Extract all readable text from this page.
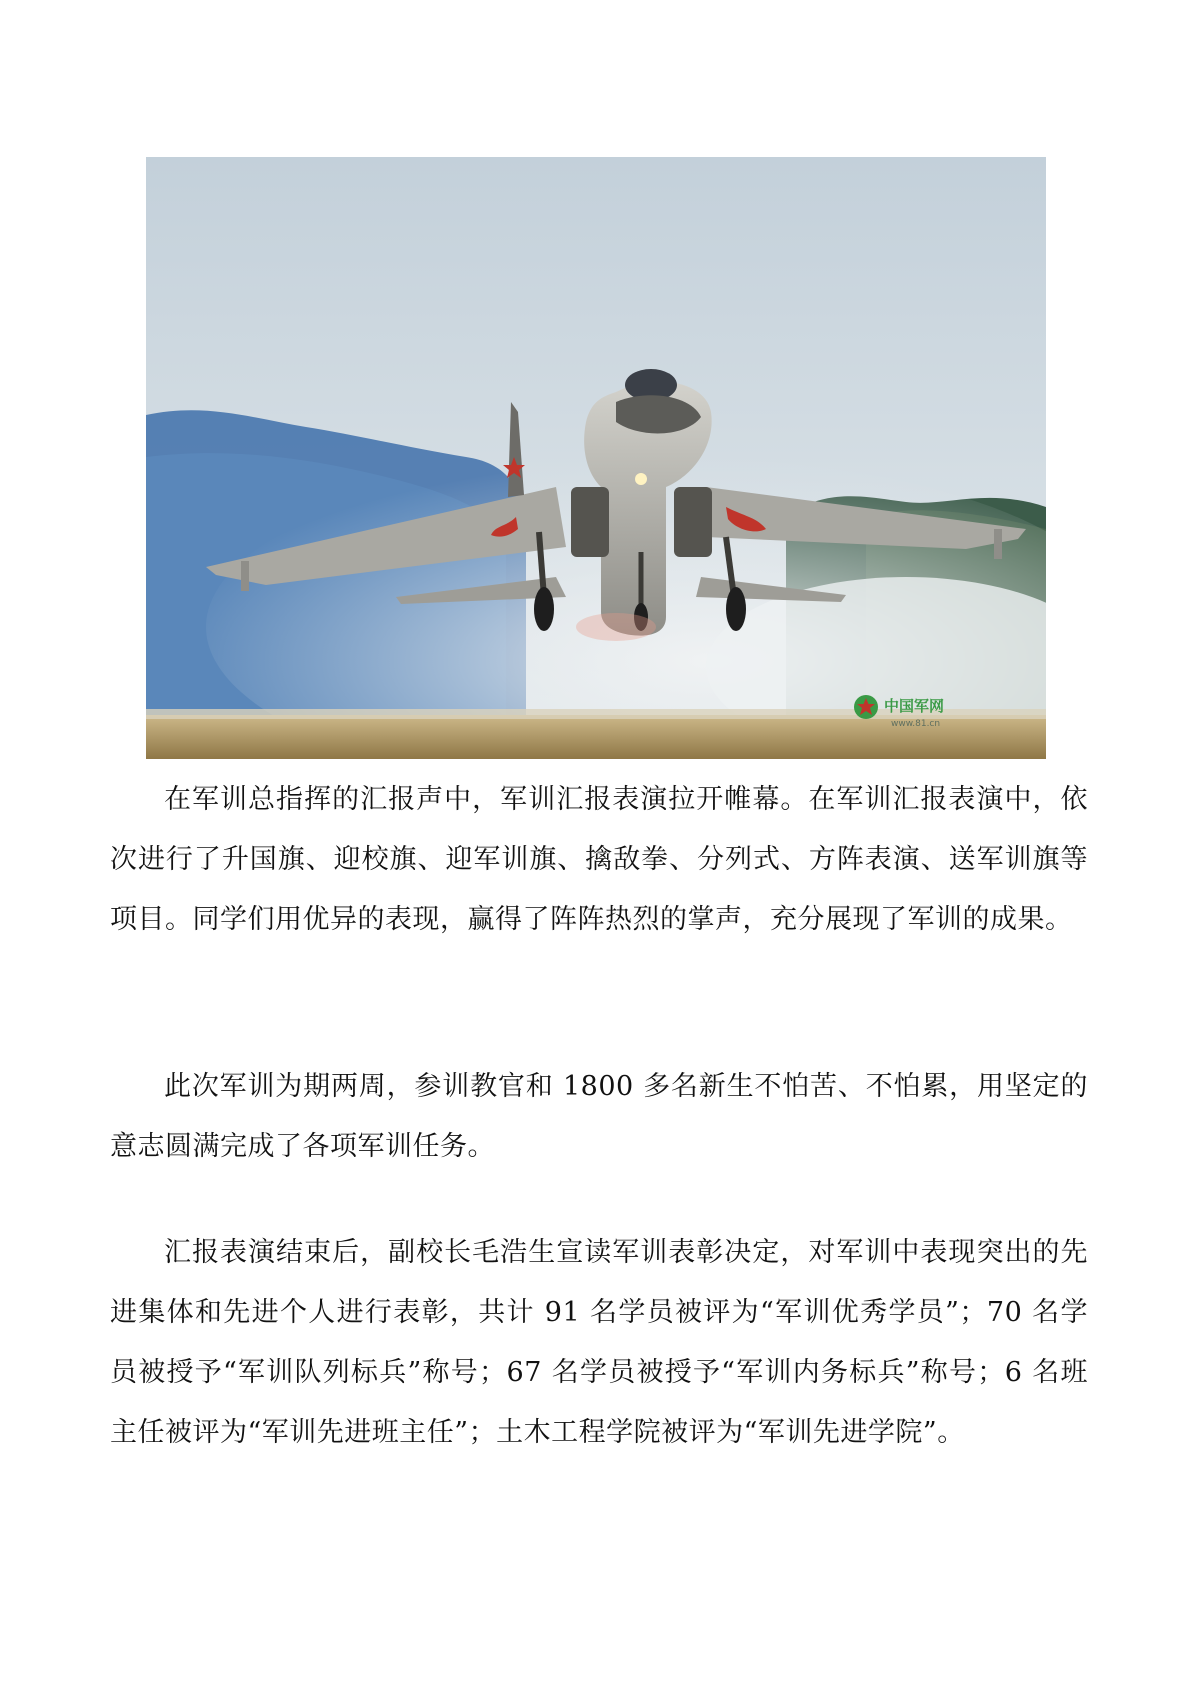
中国军网
www.81.cn

在军训总指挥的汇报声中，军训汇报表演拉开帷幕。在军训汇报表演中，依次进行了升国旗、迎校旗、迎军训旗、擒敌拳、分列式、方阵表演、送军训旗等项目。同学们用优异的表现，赢得了阵阵热烈的掌声，充分展现了军训的成果。

此次军训为期两周，参训教官和 1800 多名新生不怕苦、不怕累，用坚定的意志圆满完成了各项军训任务。

汇报表演结束后，副校长毛浩生宣读军训表彰决定，对军训中表现突出的先进集体和先进个人进行表彰，共计 91 名学员被评为“军训优秀学员”；70 名学员被授予“军训队列标兵”称号；67 名学员被授予“军训内务标兵”称号；6 名班主任被评为“军训先进班主任”；土木工程学院被评为“军训先进学院”。
